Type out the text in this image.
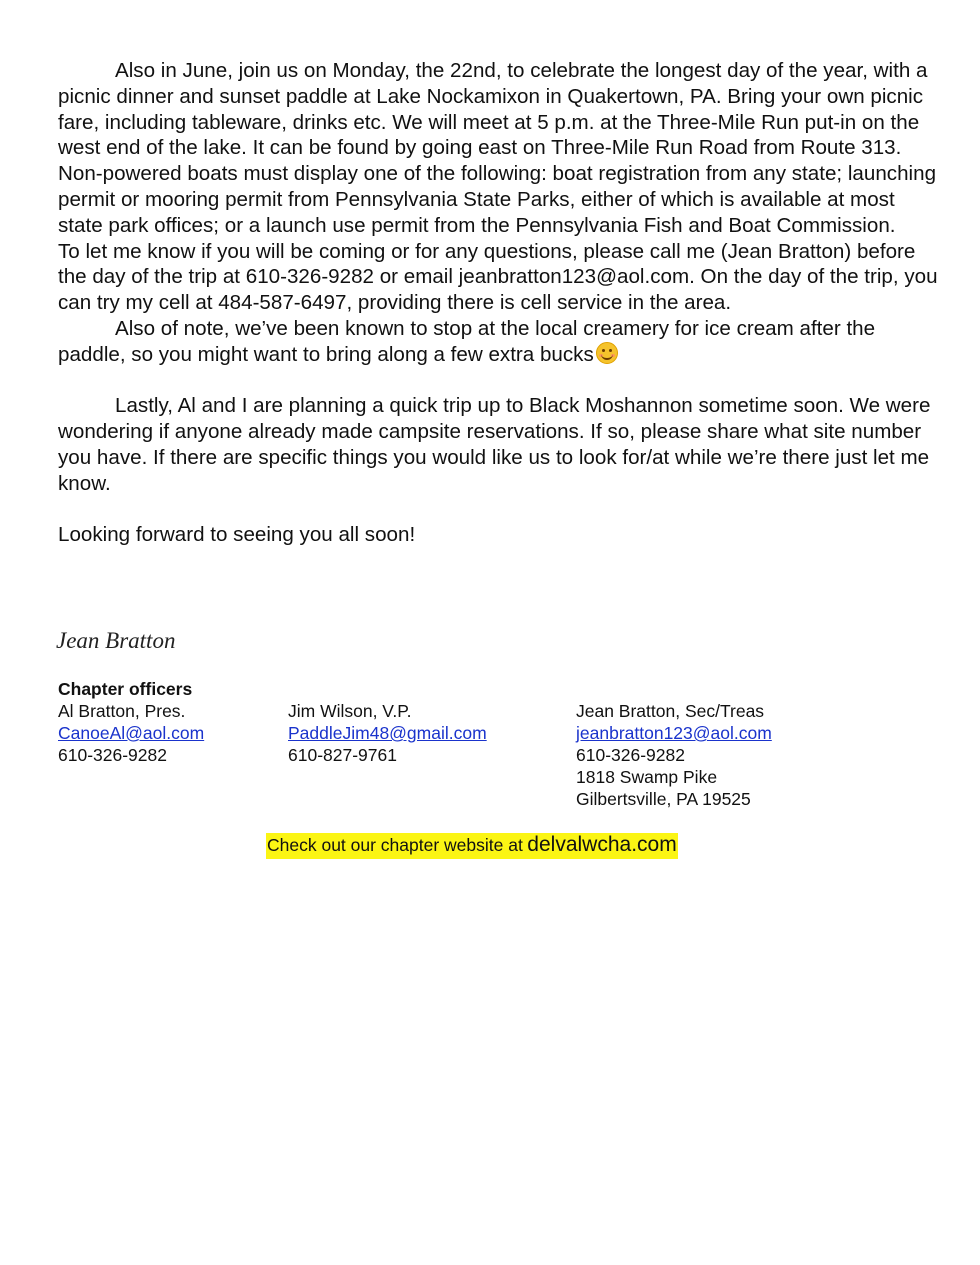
Also in June, join us on Monday, the 22nd, to celebrate the longest day of the year, with a picnic dinner and sunset paddle at Lake Nockamixon in Quakertown, PA. Bring your own picnic fare, including tableware, drinks etc. We will meet at 5 p.m. at the Three-Mile Run put-in on the west end of the lake. It can be found by going east on Three-Mile Run Road from Route 313. Non-powered boats must display one of the following: boat registration from any state; launching permit or mooring permit from Pennsylvania State Parks, either of which is available at most state park offices; or a launch use permit from the Pennsylvania Fish and Boat Commission.

To let me know if you will be coming or for any questions, please call me (Jean Bratton) before the day of the trip at 610-326-9282 or email jeanbratton123@aol.com. On the day of the trip, you can try my cell at 484-587-6497, providing there is cell service in the area.

Also of note, we’ve been known to stop at the local creamery for ice cream after the paddle, so you might want to bring along a few extra bucks

Lastly, Al and I are planning a quick trip up to Black Moshannon sometime soon. We were wondering if anyone already made campsite reservations. If so, please share what site number you have. If there are specific things you would like us to look for/at while we’re there just let me know.

Looking forward to seeing you all soon!

Jean Bratton
Chapter officers
Al Bratton, Pres.
CanoeAl@aol.com
610-326-9282
Jim Wilson, V.P.
PaddleJim48@gmail.com
610-827-9761
Jean Bratton, Sec/Treas
jeanbratton123@aol.com
610-326-9282
1818 Swamp Pike
Gilbertsville, PA 19525
Check out our chapter website at delvalwcha.com
